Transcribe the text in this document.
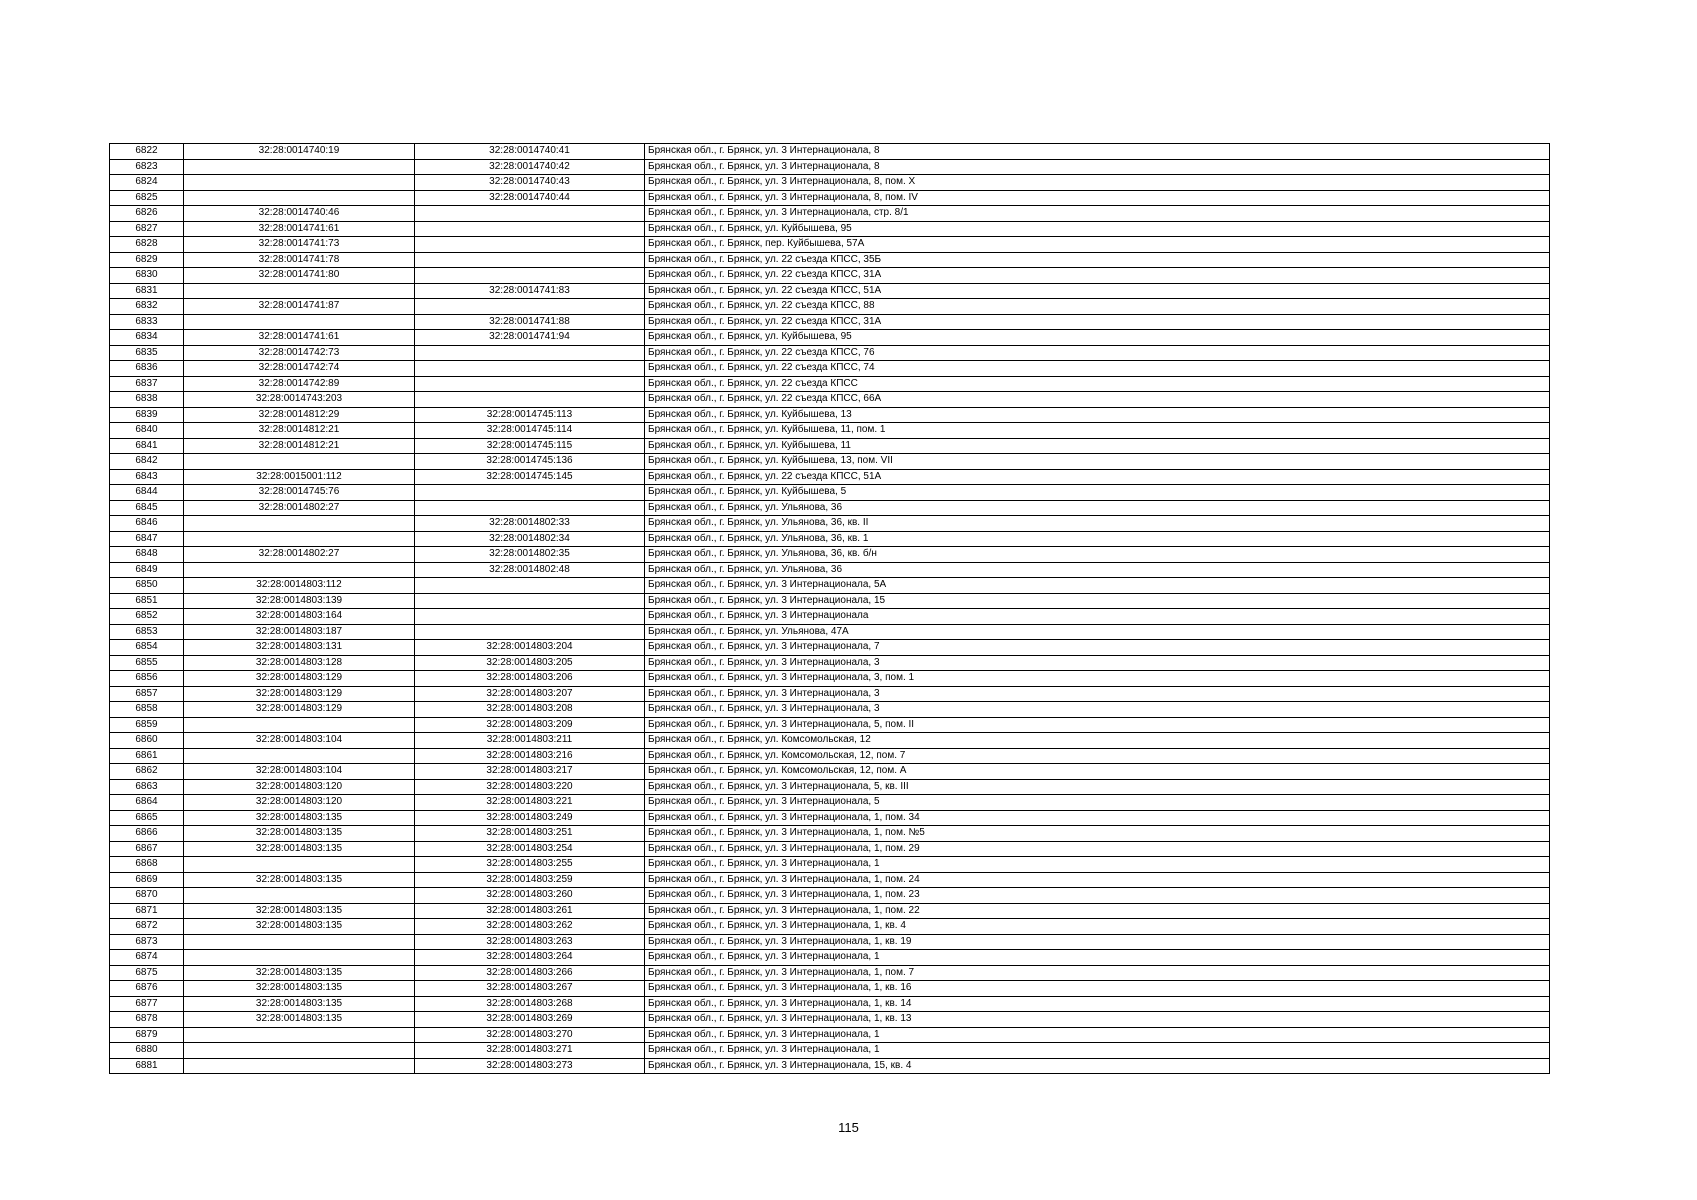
6822	32:28:0014740:19	32:28:0014740:41	Брянская обл., г. Брянск, ул. 3 Интернационала, 8
6823		32:28:0014740:42	Брянская обл., г. Брянск, ул. 3 Интернационала, 8
6824		32:28:0014740:43	Брянская обл., г. Брянск, ул. 3 Интернационала, 8, пом. X
6825		32:28:0014740:44	Брянская обл., г. Брянск, ул. 3 Интернационала, 8, пом. IV
6826	32:28:0014740:46		Брянская обл., г. Брянск, ул. 3 Интернационала, стр. 8/1
6827	32:28:0014741:61		Брянская обл., г. Брянск, ул. Куйбышева, 95
6828	32:28:0014741:73		Брянская обл., г. Брянск, пер. Куйбышева, 57А
6829	32:28:0014741:78		Брянская обл., г. Брянск, ул. 22 съезда КПСС, 35Б
6830	32:28:0014741:80		Брянская обл., г. Брянск, ул. 22 съезда КПСС, 31А
6831		32:28:0014741:83	Брянская обл., г. Брянск, ул. 22 съезда КПСС, 51А
6832	32:28:0014741:87		Брянская обл., г. Брянск, ул. 22 съезда КПСС, 88
6833		32:28:0014741:88	Брянская обл., г. Брянск, ул. 22 съезда КПСС, 31А
6834	32:28:0014741:61	32:28:0014741:94	Брянская обл., г. Брянск, ул. Куйбышева, 95
6835	32:28:0014742:73		Брянская обл., г. Брянск, ул. 22 съезда КПСС, 76
6836	32:28:0014742:74		Брянская обл., г. Брянск, ул. 22 съезда КПСС, 74
6837	32:28:0014742:89		Брянская обл., г. Брянск, ул. 22 съезда КПСС
6838	32:28:0014743:203		Брянская обл., г. Брянск, ул. 22 съезда КПСС, 66А
6839	32:28:0014812:29	32:28:0014745:113	Брянская обл., г. Брянск, ул. Куйбышева, 13
6840	32:28:0014812:21	32:28:0014745:114	Брянская обл., г. Брянск, ул. Куйбышева, 11, пом. 1
6841	32:28:0014812:21	32:28:0014745:115	Брянская обл., г. Брянск, ул. Куйбышева, 11
6842		32:28:0014745:136	Брянская обл., г. Брянск, ул. Куйбышева, 13, пом. VII
6843	32:28:0015001:112	32:28:0014745:145	Брянская обл., г. Брянск, ул. 22 съезда КПСС, 51А
6844	32:28:0014745:76		Брянская обл., г. Брянск, ул. Куйбышева, 5
6845	32:28:0014802:27		Брянская обл., г. Брянск, ул. Ульянова, 36
6846		32:28:0014802:33	Брянская обл., г. Брянск, ул. Ульянова, 36, кв. II
6847		32:28:0014802:34	Брянская обл., г. Брянск, ул. Ульянова, 36, кв. 1
6848	32:28:0014802:27	32:28:0014802:35	Брянская обл., г. Брянск, ул. Ульянова, 36, кв. б/н
6849		32:28:0014802:48	Брянская обл., г. Брянск, ул. Ульянова, 36
6850	32:28:0014803:112		Брянская обл., г. Брянск, ул. 3 Интернационала, 5А
6851	32:28:0014803:139		Брянская обл., г. Брянск, ул. 3 Интернационала, 15
6852	32:28:0014803:164		Брянская обл., г. Брянск, ул. 3 Интернационала
6853	32:28:0014803:187		Брянская обл., г. Брянск, ул. Ульянова, 47А
6854	32:28:0014803:131	32:28:0014803:204	Брянская обл., г. Брянск, ул. 3 Интернационала, 7
6855	32:28:0014803:128	32:28:0014803:205	Брянская обл., г. Брянск, ул. 3 Интернационала, 3
6856	32:28:0014803:129	32:28:0014803:206	Брянская обл., г. Брянск, ул. 3 Интернационала, 3, пом. 1
6857	32:28:0014803:129	32:28:0014803:207	Брянская обл., г. Брянск, ул. 3 Интернационала, 3
6858	32:28:0014803:129	32:28:0014803:208	Брянская обл., г. Брянск, ул. 3 Интернационала, 3
6859		32:28:0014803:209	Брянская обл., г. Брянск, ул. 3 Интернационала, 5, пом. II
6860	32:28:0014803:104	32:28:0014803:211	Брянская обл., г. Брянск, ул. Комсомольская, 12
6861		32:28:0014803:216	Брянская обл., г. Брянск, ул. Комсомольская, 12, пом. 7
6862	32:28:0014803:104	32:28:0014803:217	Брянская обл., г. Брянск, ул. Комсомольская, 12, пом. А
6863	32:28:0014803:120	32:28:0014803:220	Брянская обл., г. Брянск, ул. 3 Интернационала, 5, кв. III
6864	32:28:0014803:120	32:28:0014803:221	Брянская обл., г. Брянск, ул. 3 Интернационала, 5
6865	32:28:0014803:135	32:28:0014803:249	Брянская обл., г. Брянск, ул. 3 Интернационала, 1, пом. 34
6866	32:28:0014803:135	32:28:0014803:251	Брянская обл., г. Брянск, ул. 3 Интернационала, 1, пом. №5
6867	32:28:0014803:135	32:28:0014803:254	Брянская обл., г. Брянск, ул. 3 Интернационала, 1, пом. 29
6868		32:28:0014803:255	Брянская обл., г. Брянск, ул. 3 Интернационала, 1
6869	32:28:0014803:135	32:28:0014803:259	Брянская обл., г. Брянск, ул. 3 Интернационала, 1, пом. 24
6870		32:28:0014803:260	Брянская обл., г. Брянск, ул. 3 Интернационала, 1, пом. 23
6871	32:28:0014803:135	32:28:0014803:261	Брянская обл., г. Брянск, ул. 3 Интернационала, 1, пом. 22
6872	32:28:0014803:135	32:28:0014803:262	Брянская обл., г. Брянск, ул. 3 Интернационала, 1, кв. 4
6873		32:28:0014803:263	Брянская обл., г. Брянск, ул. 3 Интернационала, 1, кв. 19
6874		32:28:0014803:264	Брянская обл., г. Брянск, ул. 3 Интернационала, 1
6875	32:28:0014803:135	32:28:0014803:266	Брянская обл., г. Брянск, ул. 3 Интернационала, 1, пом. 7
6876	32:28:0014803:135	32:28:0014803:267	Брянская обл., г. Брянск, ул. 3 Интернационала, 1, кв. 16
6877	32:28:0014803:135	32:28:0014803:268	Брянская обл., г. Брянск, ул. 3 Интернационала, 1, кв. 14
6878	32:28:0014803:135	32:28:0014803:269	Брянская обл., г. Брянск, ул. 3 Интернационала, 1, кв. 13
6879		32:28:0014803:270	Брянская обл., г. Брянск, ул. 3 Интернационала, 1
6880		32:28:0014803:271	Брянская обл., г. Брянск, ул. 3 Интернационала, 1
6881		32:28:0014803:273	Брянская обл., г. Брянск, ул. 3 Интернационала, 15, кв. 4
115
